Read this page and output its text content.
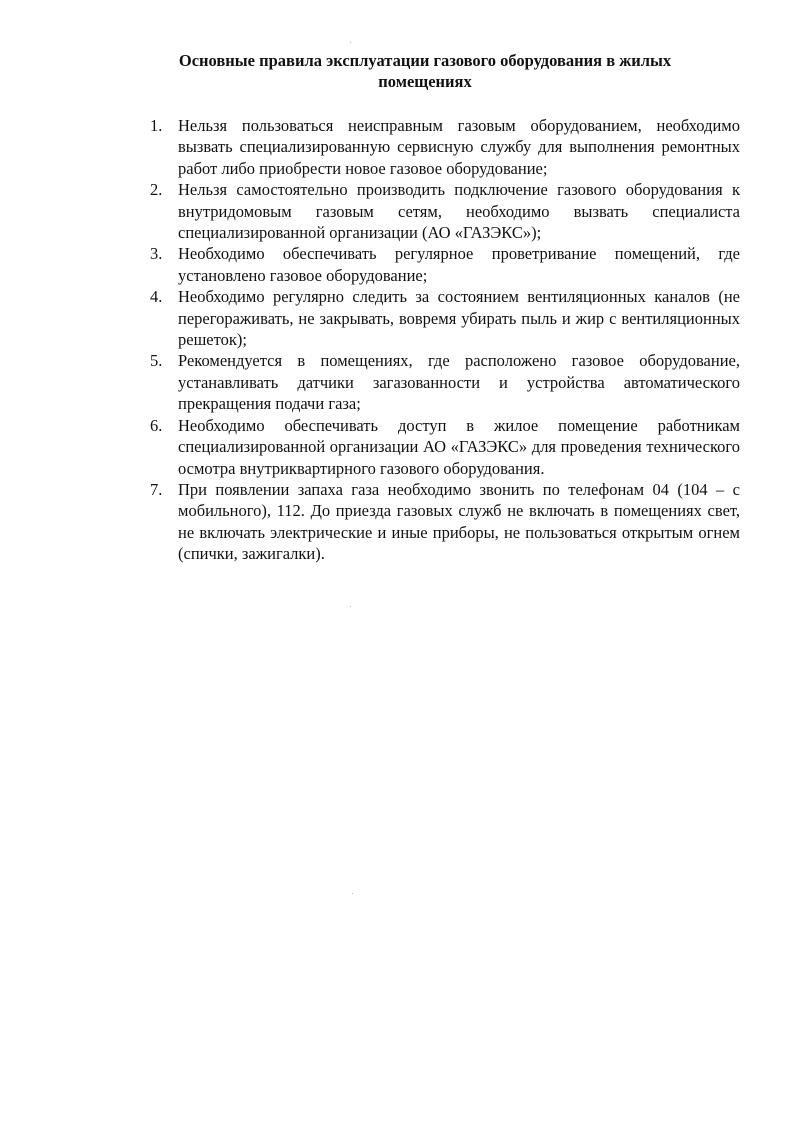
Основные правила эксплуатации газового оборудования в жилых помещениях
1. Нельзя пользоваться неисправным газовым оборудованием, необходимо вызвать специализированную сервисную службу для выполнения ремонтных работ либо приобрести новое газовое оборудование;
2. Нельзя самостоятельно производить подключение газового оборудования к внутридомовым газовым сетям, необходимо вызвать специалиста специализированной организации (АО «ГАЗЭКС»);
3. Необходимо обеспечивать регулярное проветривание помещений, где установлено газовое оборудование;
4. Необходимо регулярно следить за состоянием вентиляционных каналов (не перегораживать, не закрывать, вовремя убирать пыль и жир с вентиляционных решеток);
5. Рекомендуется в помещениях, где расположено газовое оборудование, устанавливать датчики загазованности и устройства автоматического прекращения подачи газа;
6. Необходимо обеспечивать доступ в жилое помещение работникам специализированной организации АО «ГАЗЭКС» для проведения технического осмотра внутриквартирного газового оборудования.
7. При появлении запаха газа необходимо звонить по телефонам 04 (104 – с мобильного), 112. До приезда газовых служб не включать в помещениях свет, не включать электрические и иные приборы, не пользоваться открытым огнем (спички, зажигалки).
